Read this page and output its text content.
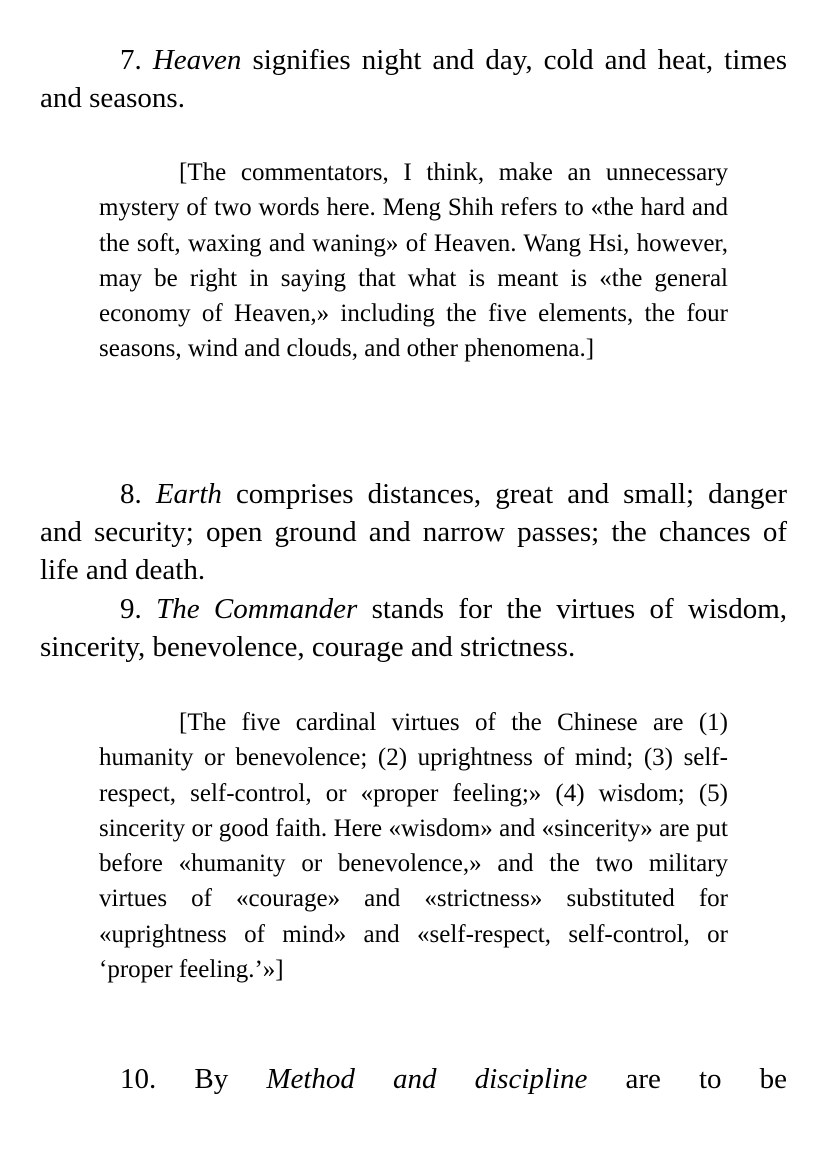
7. Heaven signifies night and day, cold and heat, times and seasons.

[The commentators, I think, make an unnecessary mystery of two words here. Meng Shih refers to «the hard and the soft, waxing and waning» of Heaven. Wang Hsi, however, may be right in saying that what is meant is «the general economy of Heaven,» including the five elements, the four seasons, wind and clouds, and other phenomena.]

8. Earth comprises distances, great and small; danger and security; open ground and narrow passes; the chances of life and death.

9. The Commander stands for the virtues of wisdom, sincerity, benevolence, courage and strictness.

[The five cardinal virtues of the Chinese are (1) humanity or benevolence; (2) uprightness of mind; (3) self-respect, self-control, or «proper feeling;» (4) wisdom; (5) sincerity or good faith. Here «wisdom» and «sincerity» are put before «humanity or benevolence,» and the two military virtues of «courage» and «strictness» substituted for «uprightness of mind» and «self-respect, self-control, or ‘proper feeling.’»]

10. By Method and discipline are to be
